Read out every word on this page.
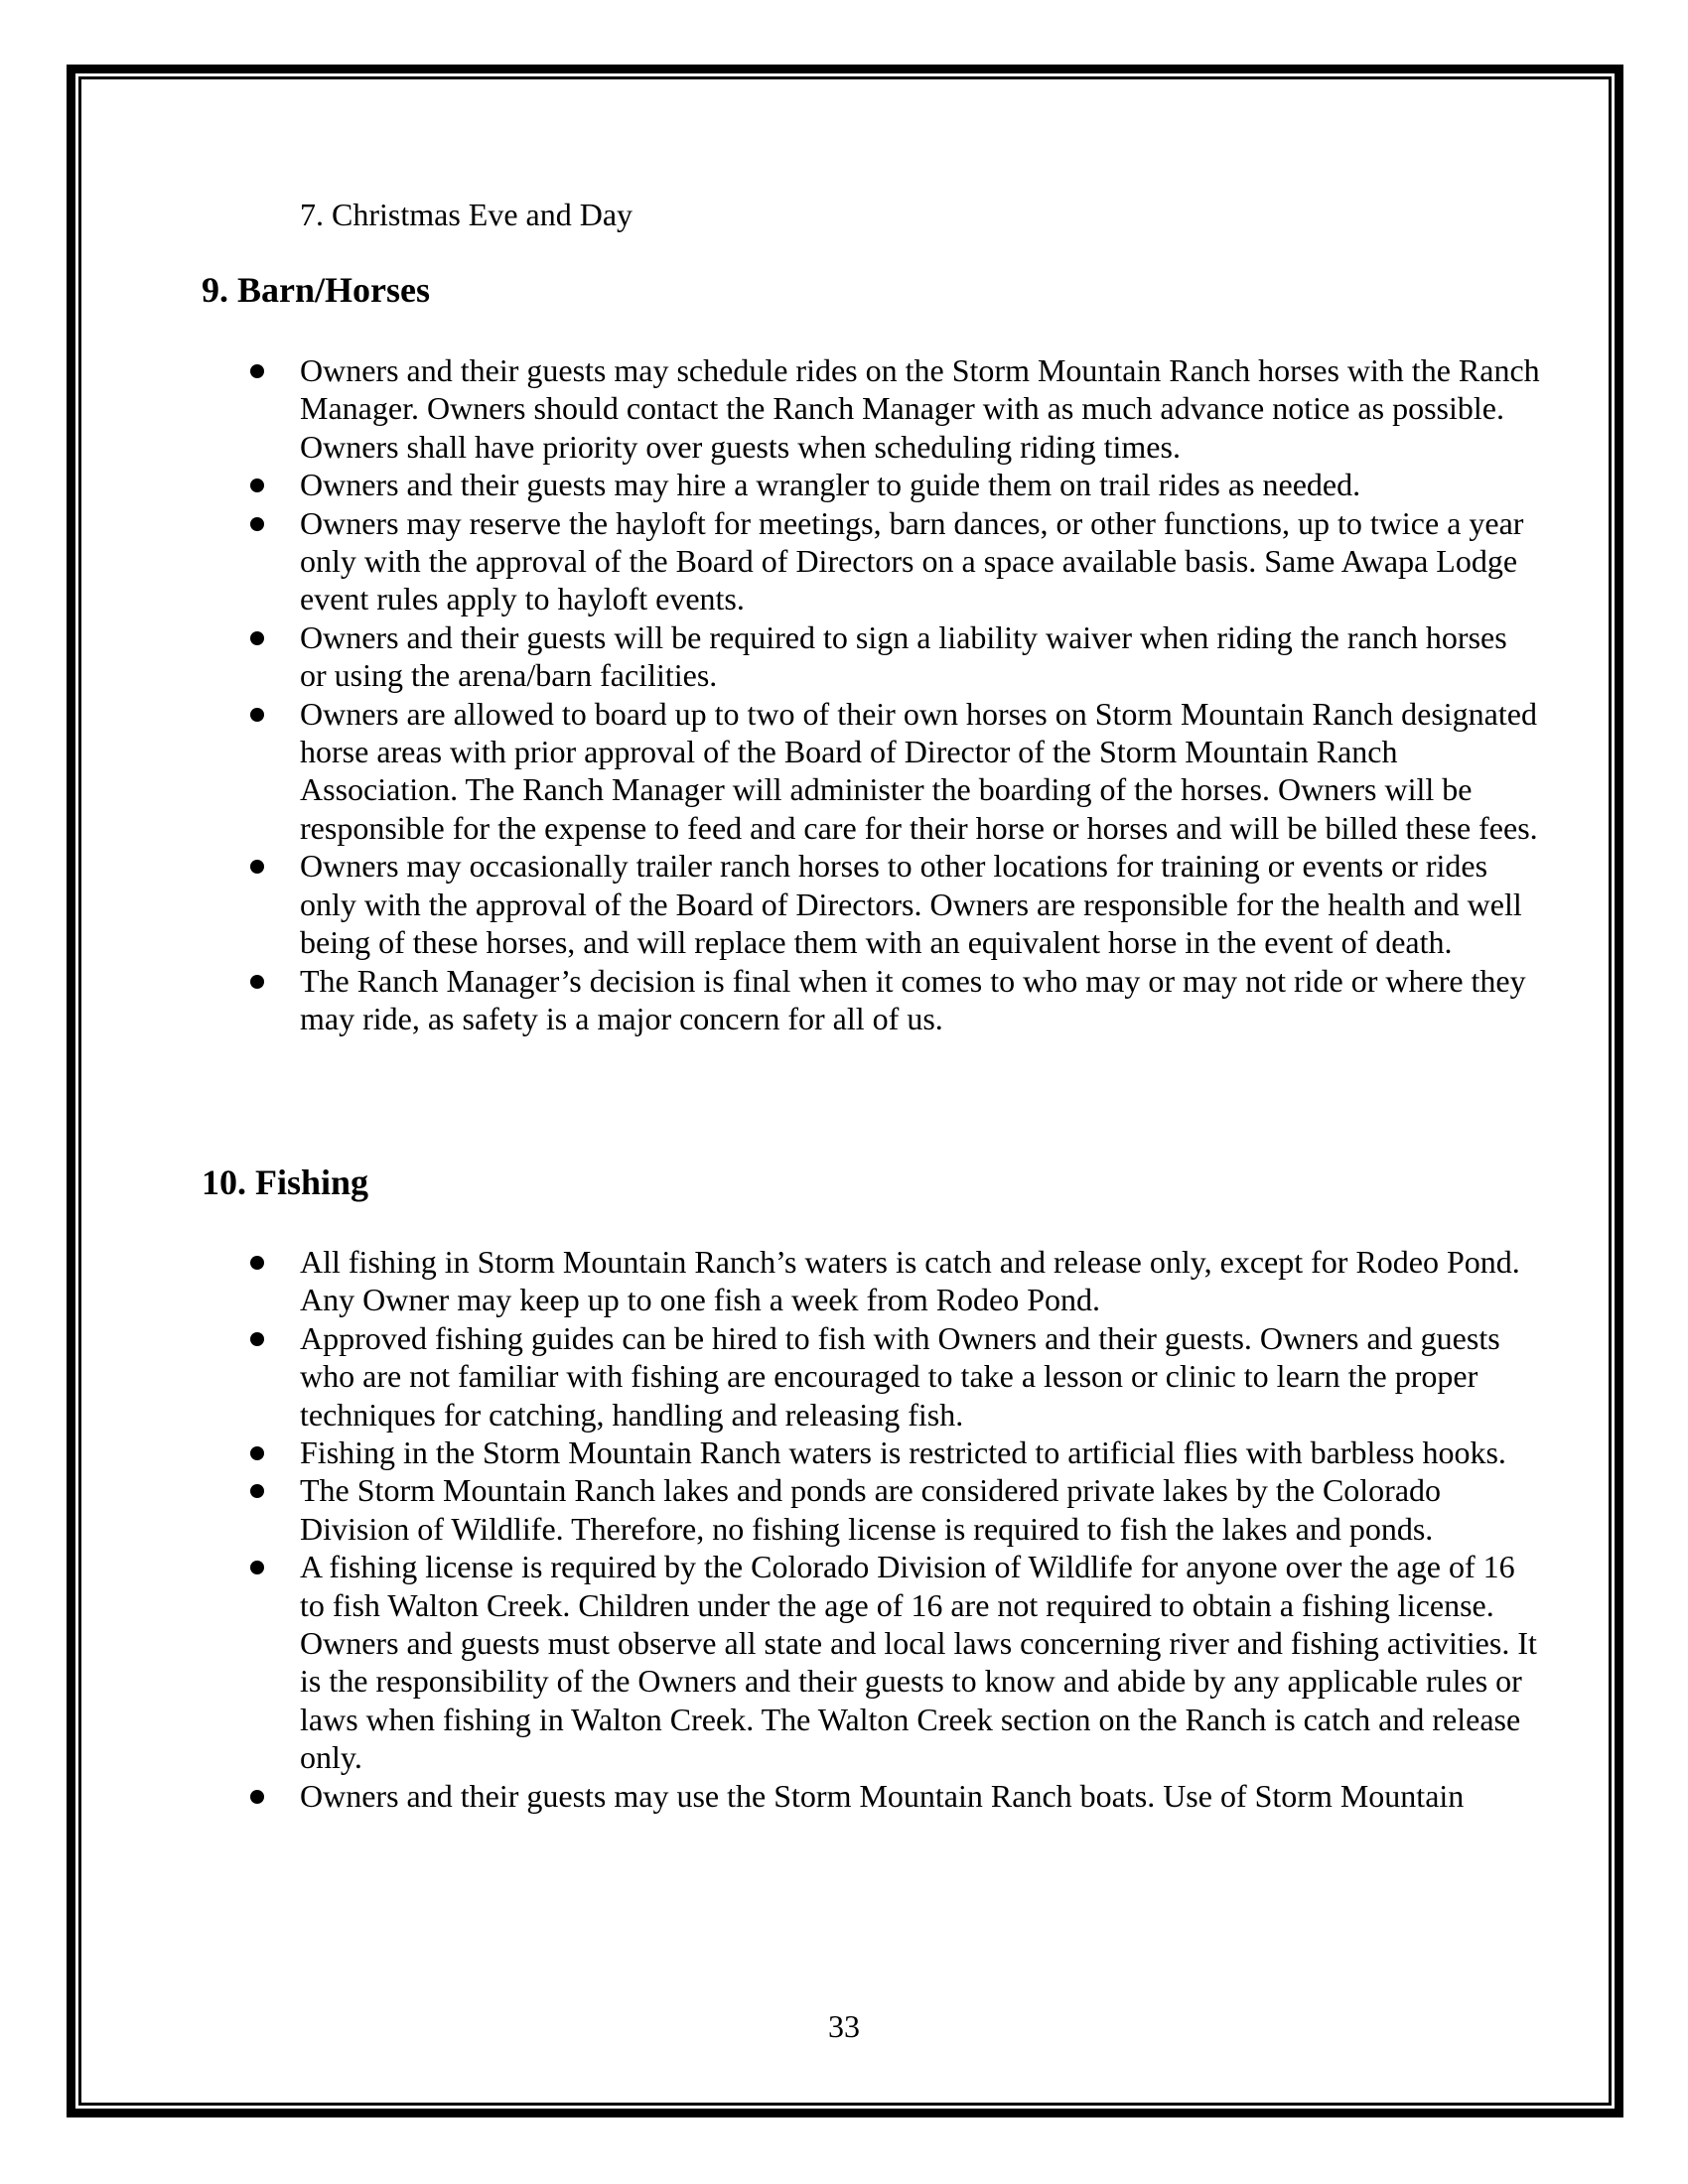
7. Christmas Eve and Day
9. Barn/Horses
Owners and their guests may schedule rides on the Storm Mountain Ranch horses with the Ranch Manager. Owners should contact the Ranch Manager with as much advance notice as possible. Owners shall have priority over guests when scheduling riding times.
Owners and their guests may hire a wrangler to guide them on trail rides as needed.
Owners may reserve the hayloft for meetings, barn dances, or other functions, up to twice a year only with the approval of the Board of Directors on a space available basis. Same Awapa Lodge event rules apply to hayloft events.
Owners and their guests will be required to sign a liability waiver when riding the ranch horses or using the arena/barn facilities.
Owners are allowed to board up to two of their own horses on Storm Mountain Ranch designated horse areas with prior approval of the Board of Director of the Storm Mountain Ranch Association. The Ranch Manager will administer the boarding of the horses. Owners will be responsible for the expense to feed and care for their horse or horses and will be billed these fees.
Owners may occasionally trailer ranch horses to other locations for training or events or rides only with the approval of the Board of Directors. Owners are responsible for the health and well being of these horses, and will replace them with an equivalent horse in the event of death.
The Ranch Manager’s decision is final when it comes to who may or may not ride or where they may ride, as safety is a major concern for all of us.
10. Fishing
All fishing in Storm Mountain Ranch’s waters is catch and release only, except for Rodeo Pond. Any Owner may keep up to one fish a week from Rodeo Pond.
Approved fishing guides can be hired to fish with Owners and their guests. Owners and guests who are not familiar with fishing are encouraged to take a lesson or clinic to learn the proper techniques for catching, handling and releasing fish.
Fishing in the Storm Mountain Ranch waters is restricted to artificial flies with barbless hooks.
The Storm Mountain Ranch lakes and ponds are considered private lakes by the Colorado Division of Wildlife. Therefore, no fishing license is required to fish the lakes and ponds.
A fishing license is required by the Colorado Division of Wildlife for anyone over the age of 16 to fish Walton Creek. Children under the age of 16 are not required to obtain a fishing license. Owners and guests must observe all state and local laws concerning river and fishing activities. It is the responsibility of the Owners and their guests to know and abide by any applicable rules or laws when fishing in Walton Creek. The Walton Creek section on the Ranch is catch and release only.
Owners and their guests may use the Storm Mountain Ranch boats. Use of Storm Mountain
33
